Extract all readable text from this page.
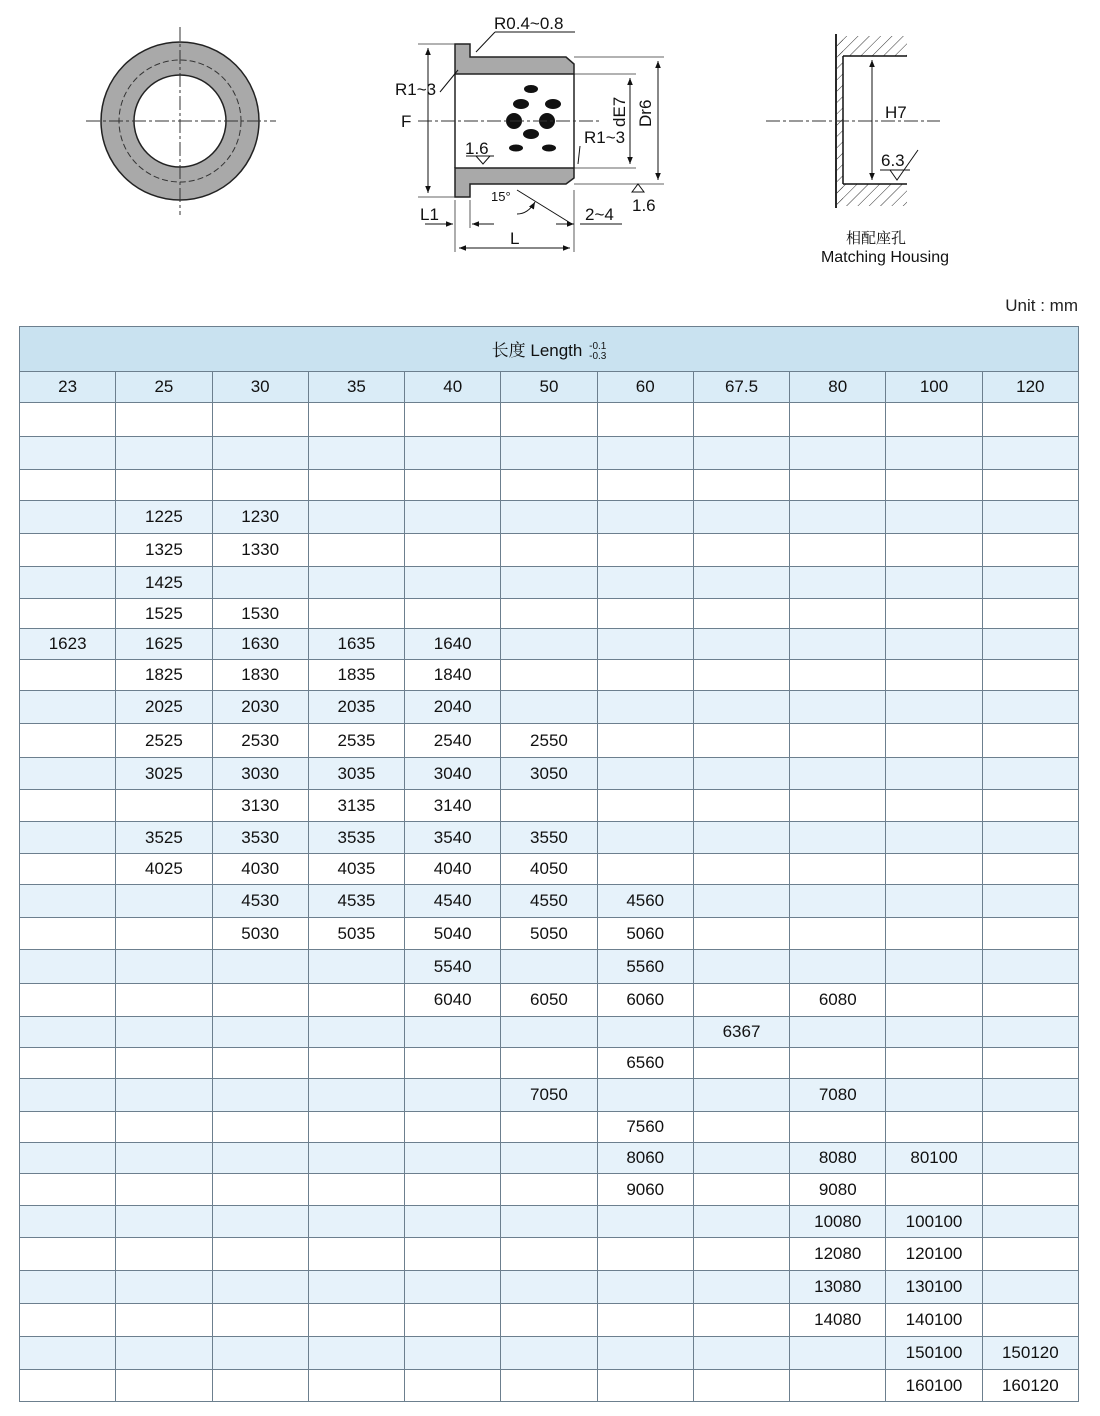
R0.4~0.8
R1~3
F	dE7 Dr6
R1~3
1.6
15°	1.6
L1	2~4
L
H7
6.3
相配座孔
Matching Housing
Unit : mm
长度 Length -0.1
-0.3										

23	25	30	35	40	50	60	67.5	80	100	120

	1225	1230								
	1325	1330								
	1425									
	1525	1530								
1623	1625	1630	1635	1640						
	1825	1830	1835	1840						
	2025	2030	2035	2040						
	2525	2530	2535	2540	2550					
	3025	3030	3035	3040	3050					
		3130	3135	3140						
	3525	3530	3535	3540	3550					
	4025	4030	4035	4040	4050					
		4530	4535	4540	4550	4560				
		5030	5035	5040	5050	5060				
				5540		5560				
				6040	6050	6060		6080		
							6367			
						6560				
					7050			7080		
						7560				
						8060		8080	80100	
						9060		9080		
								10080	100100	
								12080	120100	
								13080	130100	
								14080	140100	
									150100	150120
									160100	160120
